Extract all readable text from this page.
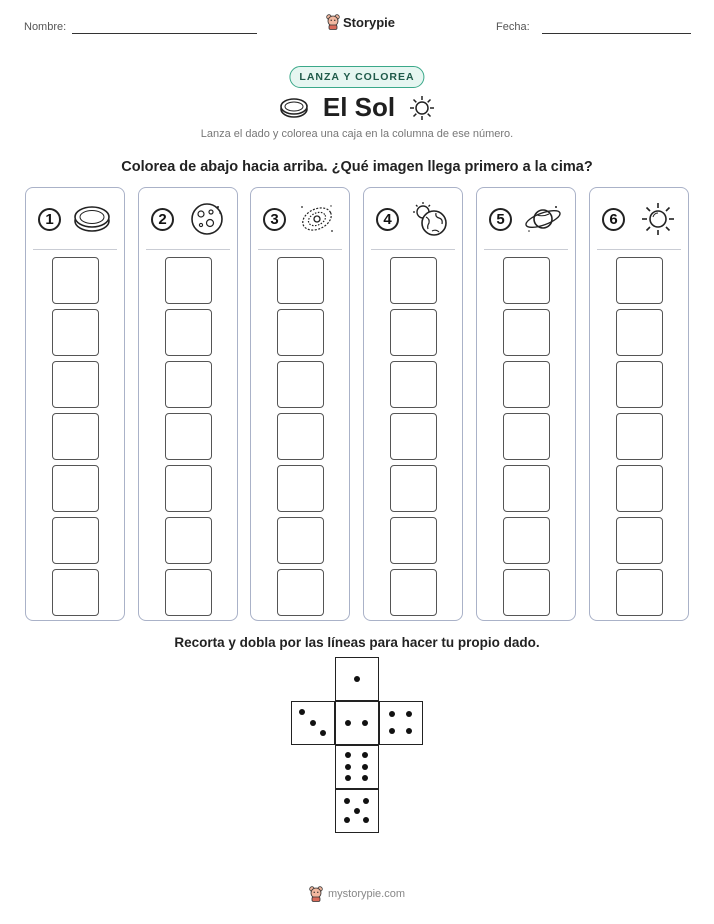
Nombre:	Storypie	Fecha:
LANZA Y COLOREA
El Sol
Lanza el dado y colorea una caja en la columna de ese número.
Colorea de abajo hacia arriba. ¿Qué imagen llega primero a la cima?
1	2	3	4	5	6
Recorta y dobla por las líneas para hacer tu propio dado.
mystorypie.com
